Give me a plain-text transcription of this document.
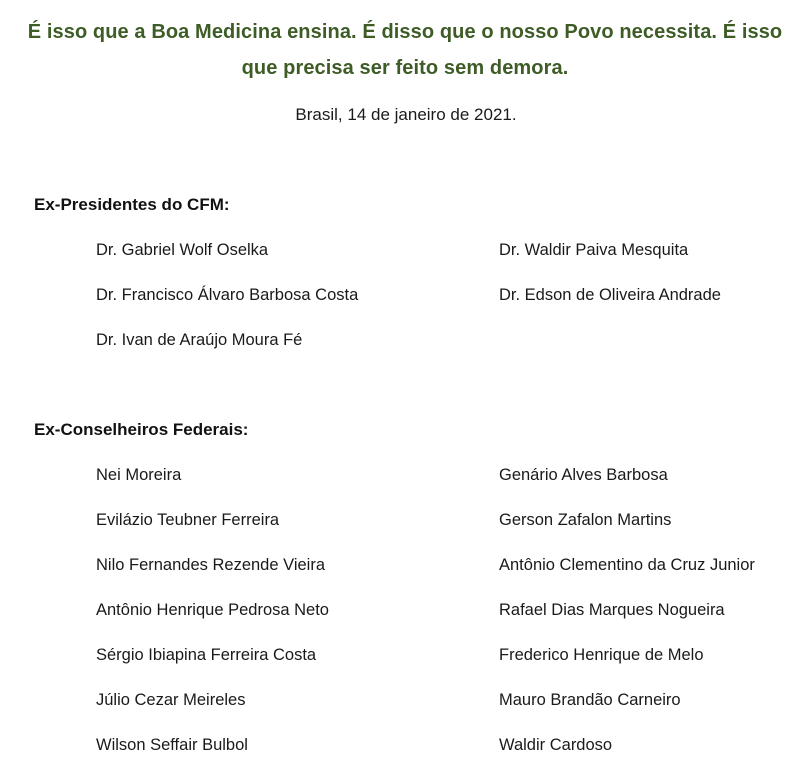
É isso que a Boa Medicina ensina. É disso que o nosso Povo necessita. É isso que precisa ser feito sem demora.
Brasil, 14 de janeiro de 2021.
Ex-Presidentes do CFM:
Dr. Gabriel Wolf Oselka
Dr. Francisco Álvaro Barbosa Costa
Dr. Ivan de Araújo Moura Fé
Dr. Waldir Paiva Mesquita
Dr. Edson de Oliveira Andrade
Ex-Conselheiros Federais:
Nei Moreira
Evilázio Teubner Ferreira
Nilo Fernandes Rezende Vieira
Antônio Henrique Pedrosa Neto
Sérgio Ibiapina Ferreira Costa
Júlio Cezar Meireles
Wilson Seffair Bulbol
Genário Alves Barbosa
Gerson Zafalon Martins
Antônio Clementino da Cruz Junior
Rafael Dias Marques Nogueira
Frederico Henrique de Melo
Mauro Brandão Carneiro
Waldir Cardoso
